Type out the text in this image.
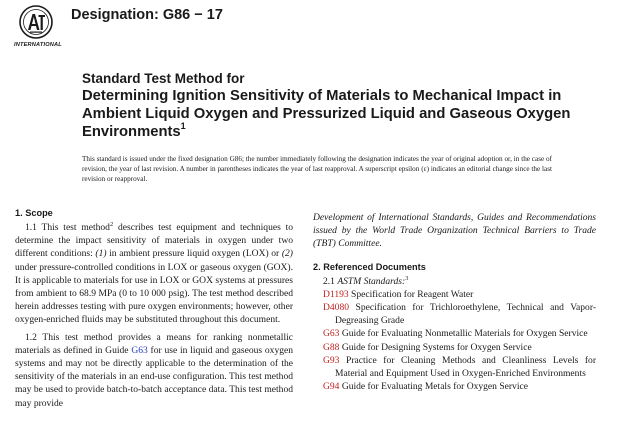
INTERNATIONAL
Designation: G86 − 17
Standard Test Method for
Determining Ignition Sensitivity of Materials to Mechanical Impact in Ambient Liquid Oxygen and Pressurized Liquid and Gaseous Oxygen Environments$^1$
This standard is issued under the fixed designation G86; the number immediately following the designation indicates the year of original adoption or, in the case of revision, the year of last revision. A number in parentheses indicates the year of last reapproval. A superscript epsilon (ε) indicates an editorial change since the last revision or reapproval.

1. Scope

1.1 This test method$^2$ describes test equipment and techniques to determine the impact sensitivity of materials in oxygen under two different conditions: (1) in ambient pressure liquid oxygen (LOX) or (2) under pressure-controlled conditions in LOX or gaseous oxygen (GOX). It is applicable to materials for use in LOX or GOX systems at pressures from ambient to 68.9 MPa (0 to 10 000 psig). The test method described herein addresses testing with pure oxygen environments; however, other oxygen-enriched fluids may be substituted throughout this document.

1.2 This test method provides a means for ranking nonmetallic materials as defined in Guide G63 for use in liquid and gaseous oxygen systems and may not be directly applicable to the determination of the sensitivity of the materials in an end-use configuration. This test method may be used to provide batch-to-batch acceptance data. This test method may provide

Development of International Standards, Guides and Recommendations issued by the World Trade Organization Technical Barriers to Trade (TBT) Committee.

2. Referenced Documents

2.1 ASTM Standards:$^3$

D1193 Specification for Reagent Water

D4080 Specification for Trichloroethylene, Technical and Vapor-Degreasing Grade

G63 Guide for Evaluating Nonmetallic Materials for Oxygen Service

G88 Guide for Designing Systems for Oxygen Service

G93 Practice for Cleaning Methods and Cleanliness Levels for Material and Equipment Used in Oxygen-Enriched Environments

G94 Guide for Evaluating Metals for Oxygen Service
